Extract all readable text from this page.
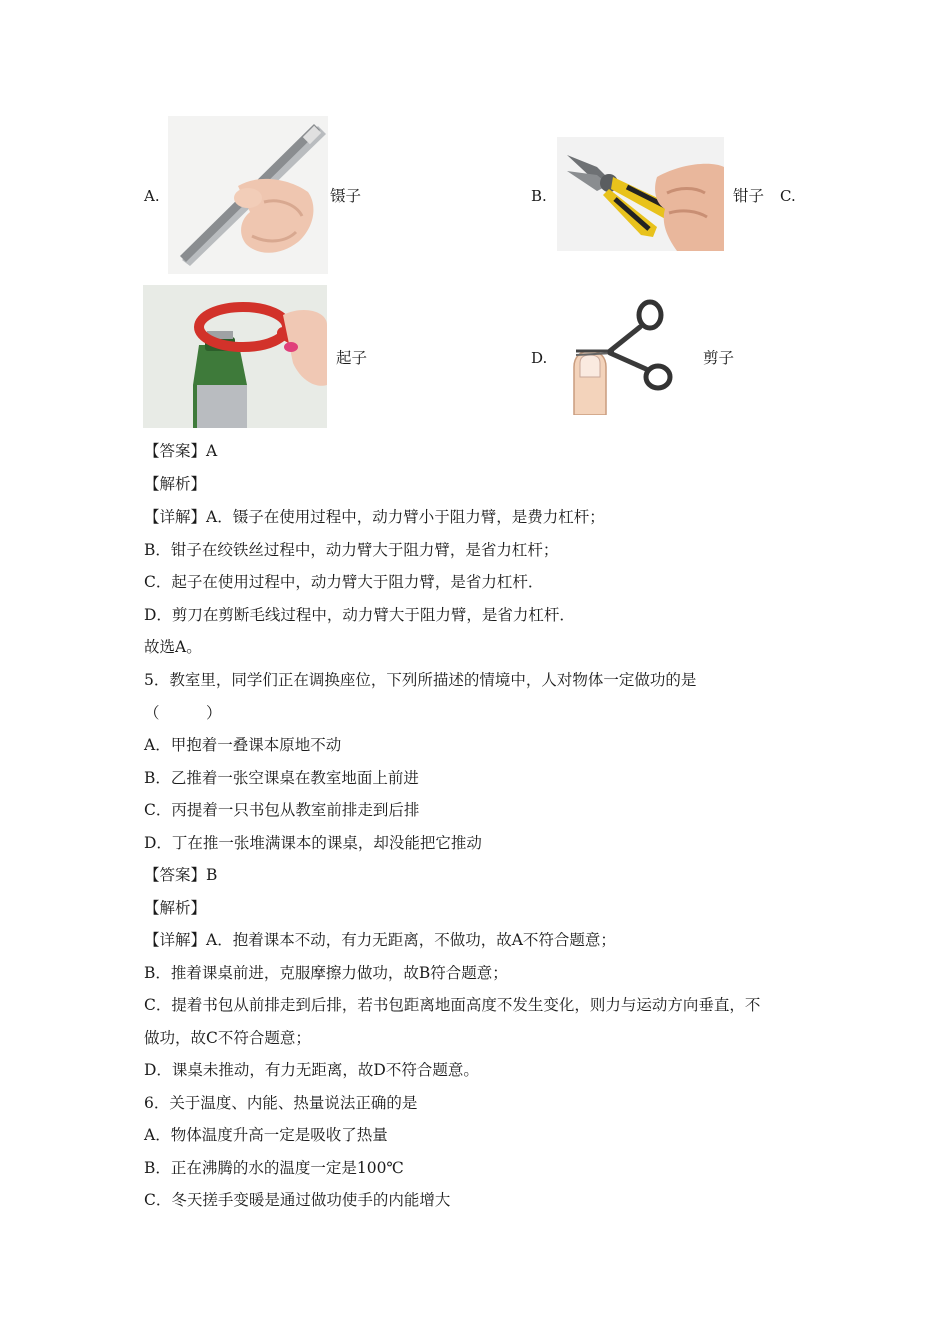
A.	镊子	B.	钳子 C.
起子	D.	剪子
【答案】A
【解析】
【详解】A．镊子在使用过程中，动力臂小于阻力臂，是费力杠杆；
B．钳子在绞铁丝过程中，动力臂大于阻力臂，是省力杠杆；
C．起子在使用过程中，动力臂大于阻力臂，是省力杠杆．
D．剪刀在剪断毛线过程中，动力臂大于阻力臂，是省力杠杆．
故选A。
5．教室里，同学们正在调换座位，下列所描述的情境中，人对物体一定做功的是
（　　　）
A．甲抱着一叠课本原地不动
B．乙推着一张空课桌在教室地面上前进
C．丙提着一只书包从教室前排走到后排
D．丁在推一张堆满课本的课桌，却没能把它推动
【答案】B
【解析】
【详解】A．抱着课本不动，有力无距离，不做功，故A不符合题意；
B．推着课桌前进，克服摩擦力做功，故B符合题意；
C．提着书包从前排走到后排，若书包距离地面高度不发生变化，则力与运动方向垂直，不
做功，故C不符合题意；
D．课桌未推动，有力无距离，故D不符合题意。
6．关于温度、内能、热量说法正确的是
A．物体温度升高一定是吸收了热量
B．正在沸腾的水的温度一定是100℃
C．冬天搓手变暖是通过做功使手的内能增大
